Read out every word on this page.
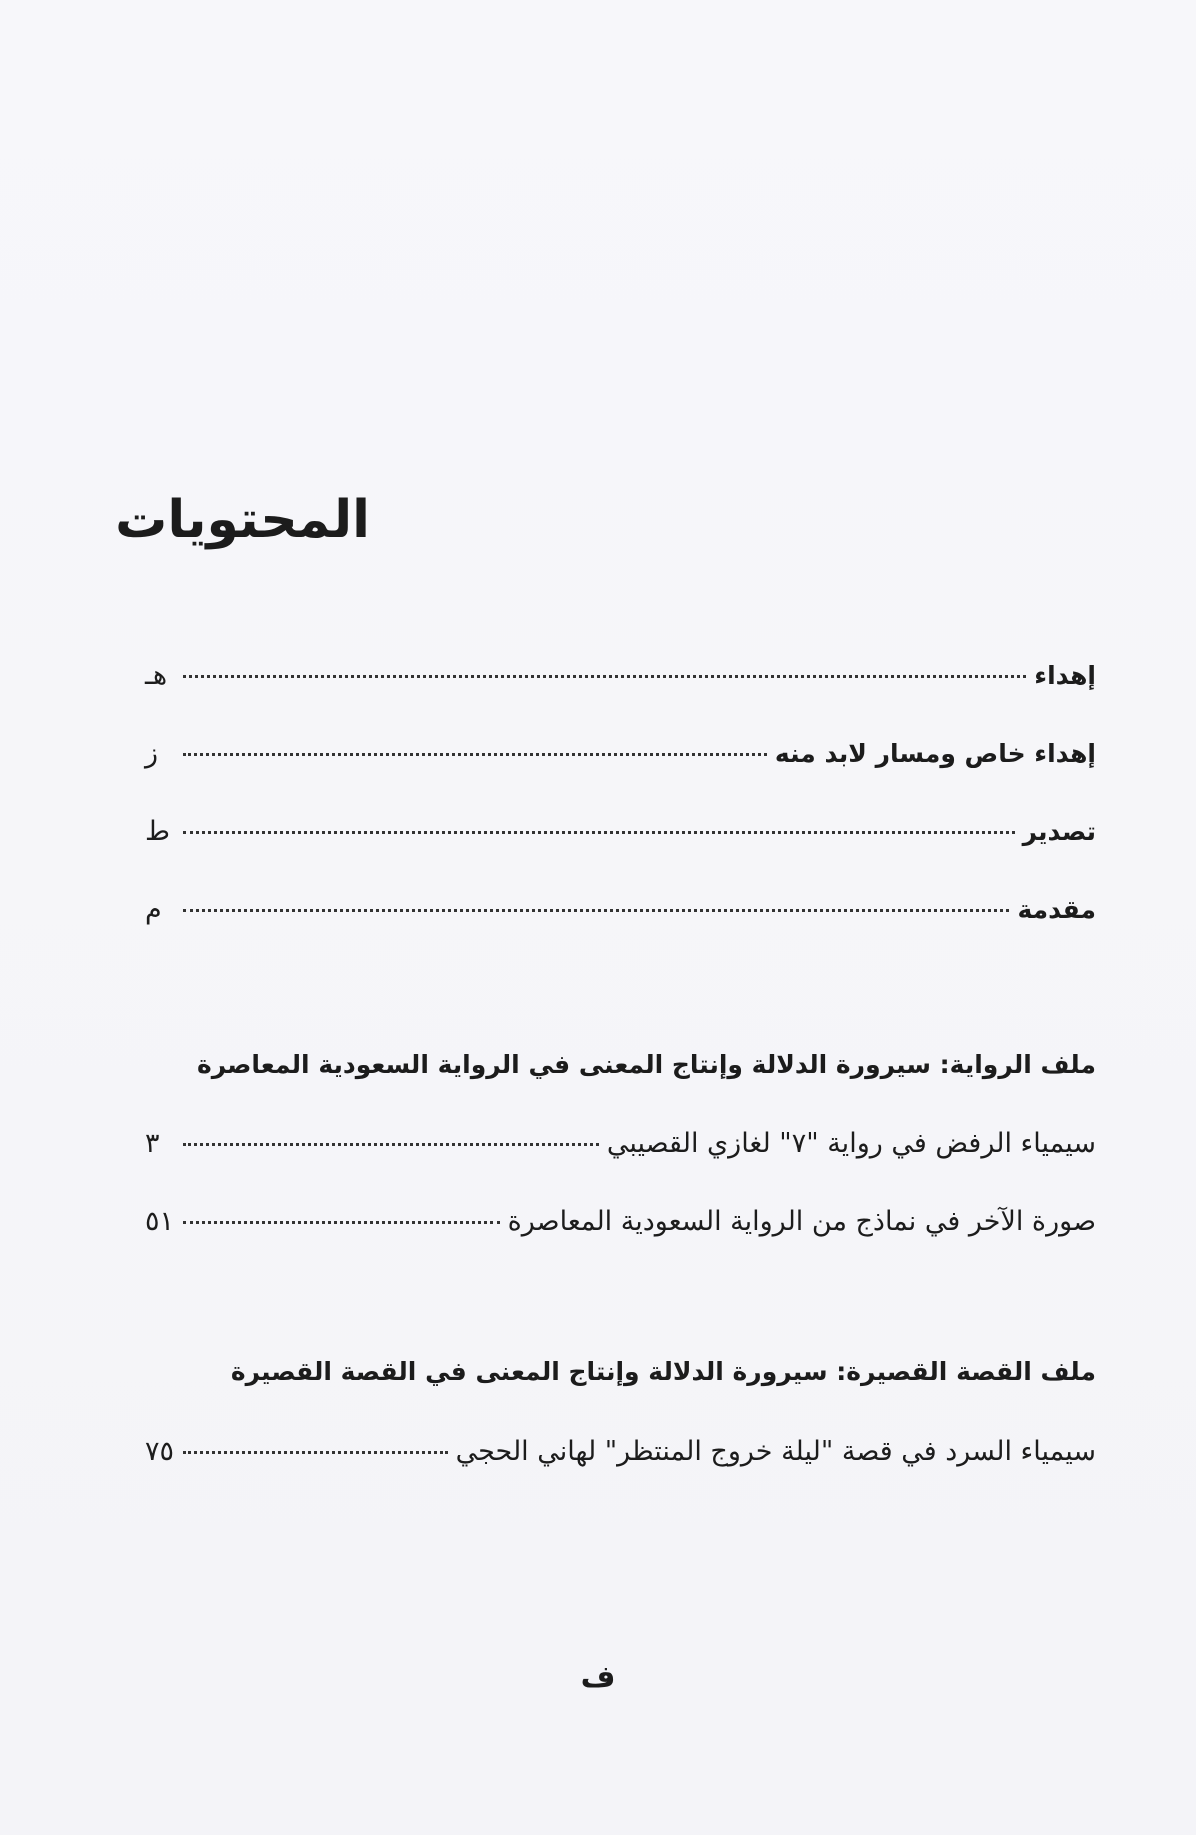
المحتويات
إهداء
هـ
إهداء خاص ومسار لابد منه
ز
تصدير
ط
مقدمة
م
ملف الرواية: سيرورة الدلالة وإنتاج المعنى في الرواية السعودية المعاصرة
سيمياء الرفض في رواية "٧" لغازي القصيبي
٣
صورة الآخر في نماذج من الرواية السعودية المعاصرة
٥١
ملف القصة القصيرة: سيرورة الدلالة وإنتاج المعنى في القصة القصيرة
سيمياء السرد في قصة "ليلة خروج المنتظر" لهاني الحجي
٧٥
ف
